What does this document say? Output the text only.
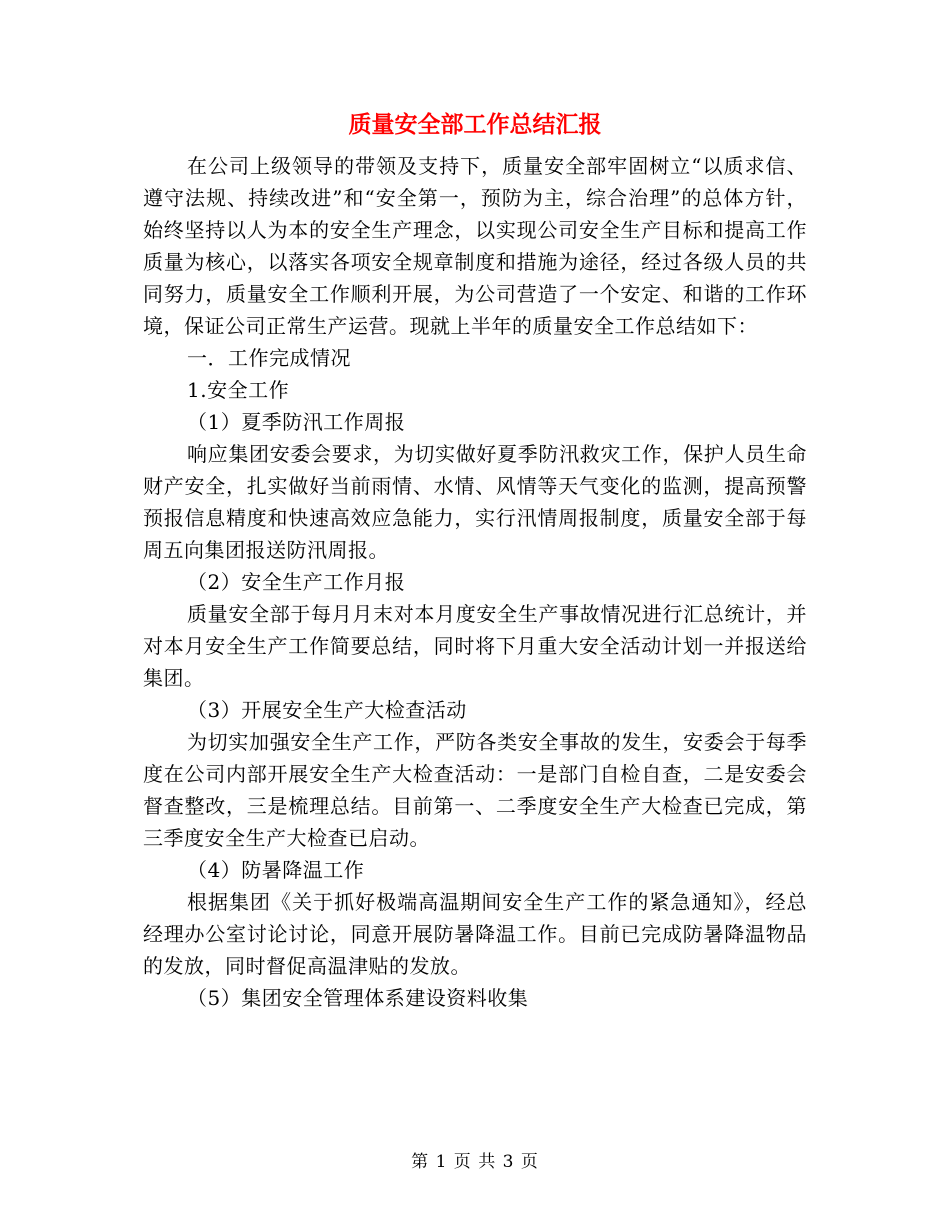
质量安全部工作总结汇报

在公司上级领导的带领及支持下，质量安全部牢固树立“以质求信、遵守法规、持续改进”和“安全第一，预防为主，综合治理”的总体方针，始终坚持以人为本的安全生产理念，以实现公司安全生产目标和提高工作质量为核心，以落实各项安全规章制度和措施为途径，经过各级人员的共同努力，质量安全工作顺利开展，为公司营造了一个安定、和谐的工作环境，保证公司正常生产运营。现就上半年的质量安全工作总结如下：

一．工作完成情况

1.安全工作

（1）夏季防汛工作周报

响应集团安委会要求，为切实做好夏季防汛救灾工作，保护人员生命财产安全，扎实做好当前雨情、水情、风情等天气变化的监测，提高预警预报信息精度和快速高效应急能力，实行汛情周报制度，质量安全部于每周五向集团报送防汛周报。

（2）安全生产工作月报

质量安全部于每月月末对本月度安全生产事故情况进行汇总统计，并对本月安全生产工作简要总结，同时将下月重大安全活动计划一并报送给集团。

（3）开展安全生产大检查活动

为切实加强安全生产工作，严防各类安全事故的发生，安委会于每季度在公司内部开展安全生产大检查活动：一是部门自检自查，二是安委会督查整改，三是梳理总结。目前第一、二季度安全生产大检查已完成，第三季度安全生产大检查已启动。

（4）防暑降温工作

根据集团《关于抓好极端高温期间安全生产工作的紧急通知》，经总经理办公室讨论讨论，同意开展防暑降温工作。目前已完成防暑降温物品的发放，同时督促高温津贴的发放。

（5）集团安全管理体系建设资料收集

第 1 页 共 3 页
